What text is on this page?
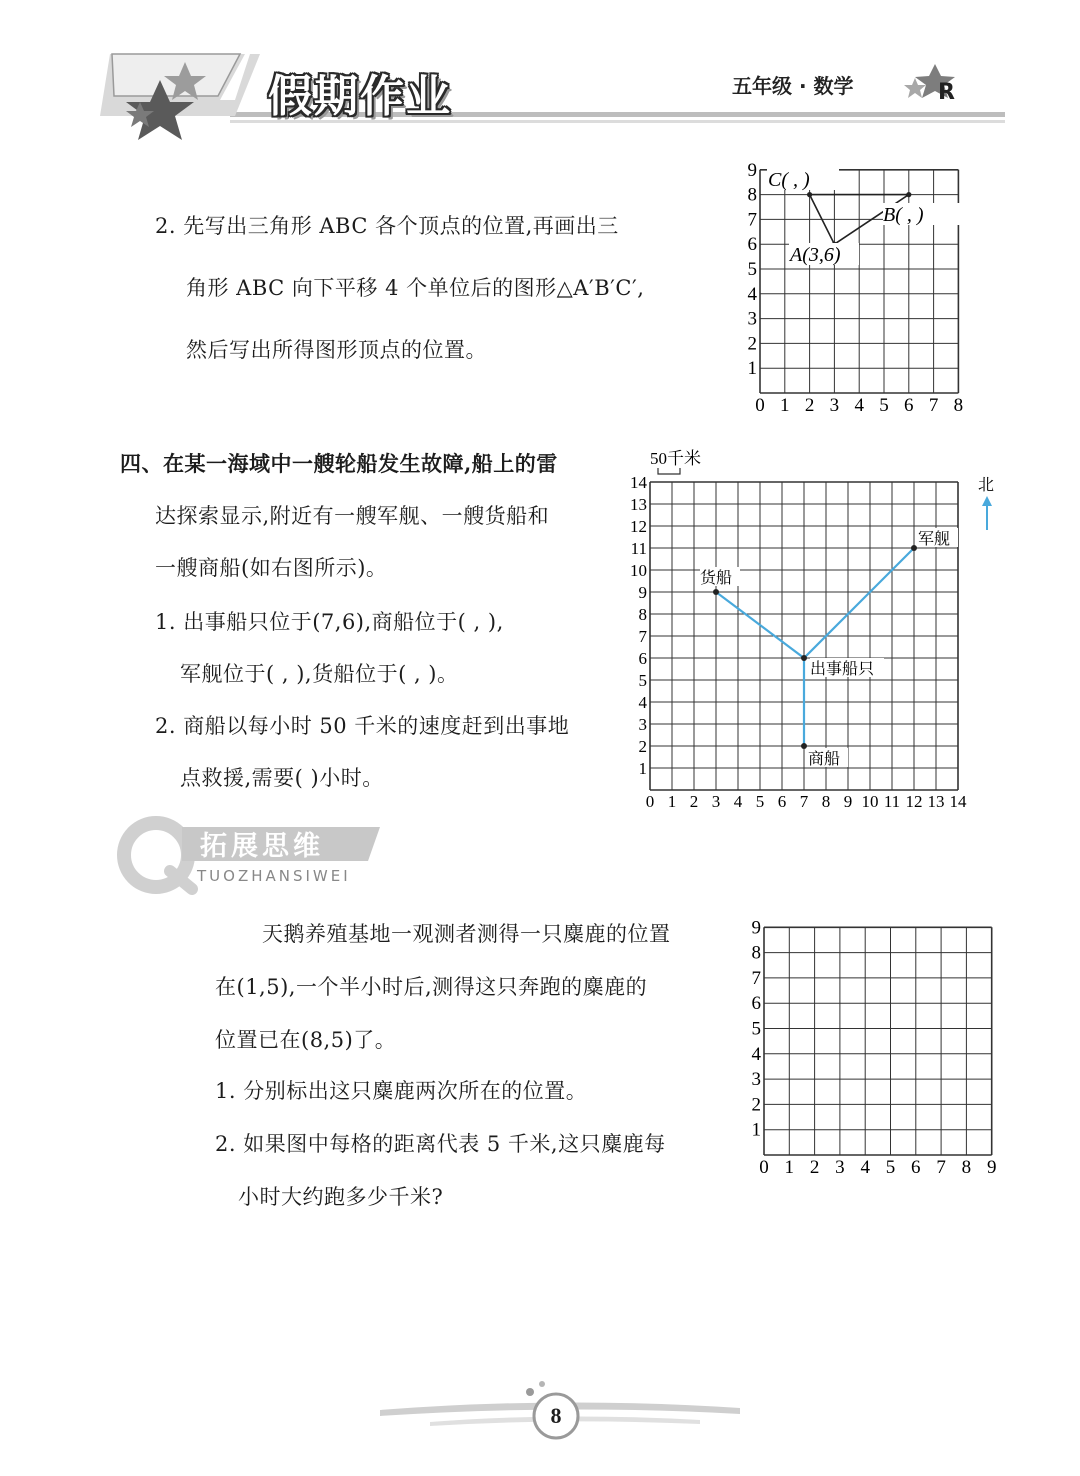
假期作业	五年级 · 数学	R
2. 先写出三角形 ABC 各个顶点的位置,再画出三
角形 ABC 向下平移 4 个单位后的图形△A′B′C′,
然后写出所得图形顶点的位置。
0 1 2 3 4 5 6 7 8
1
2
3
4
5
6
7
8
9 C( , )
B( , )
A(3,6)
四、在某一海域中一艘轮船发生故障,船上的雷
达探索显示,附近有一艘军舰、一艘货船和
一艘商船(如右图所示)。
1. 出事船只位于(7,6),商船位于( , ),
军舰位于( , ),货船位于( , )。
2. 商船以每小时 50 千米的速度赶到出事地
点救援,需要( )小时。
50千米
北
0 1 2 3 4 5 6 7 8 9 10 11 12 13 14
1
2
3
4
5
6
7
8
9
10
11
12
13
14
货船
军舰
出事船只
商船
拓展思维
TUOZHANSIWEI
天鹅养殖基地一观测者测得一只麋鹿的位置
在(1,5),一个半小时后,测得这只奔跑的麋鹿的
位置已在(8,5)了。
1. 分别标出这只麋鹿两次所在的位置。
2. 如果图中每格的距离代表 5 千米,这只麋鹿每
小时大约跑多少千米?
0 1 2 3 4 5 6 7 8 9
1
2
3
4
5
6
7
8
9
8
